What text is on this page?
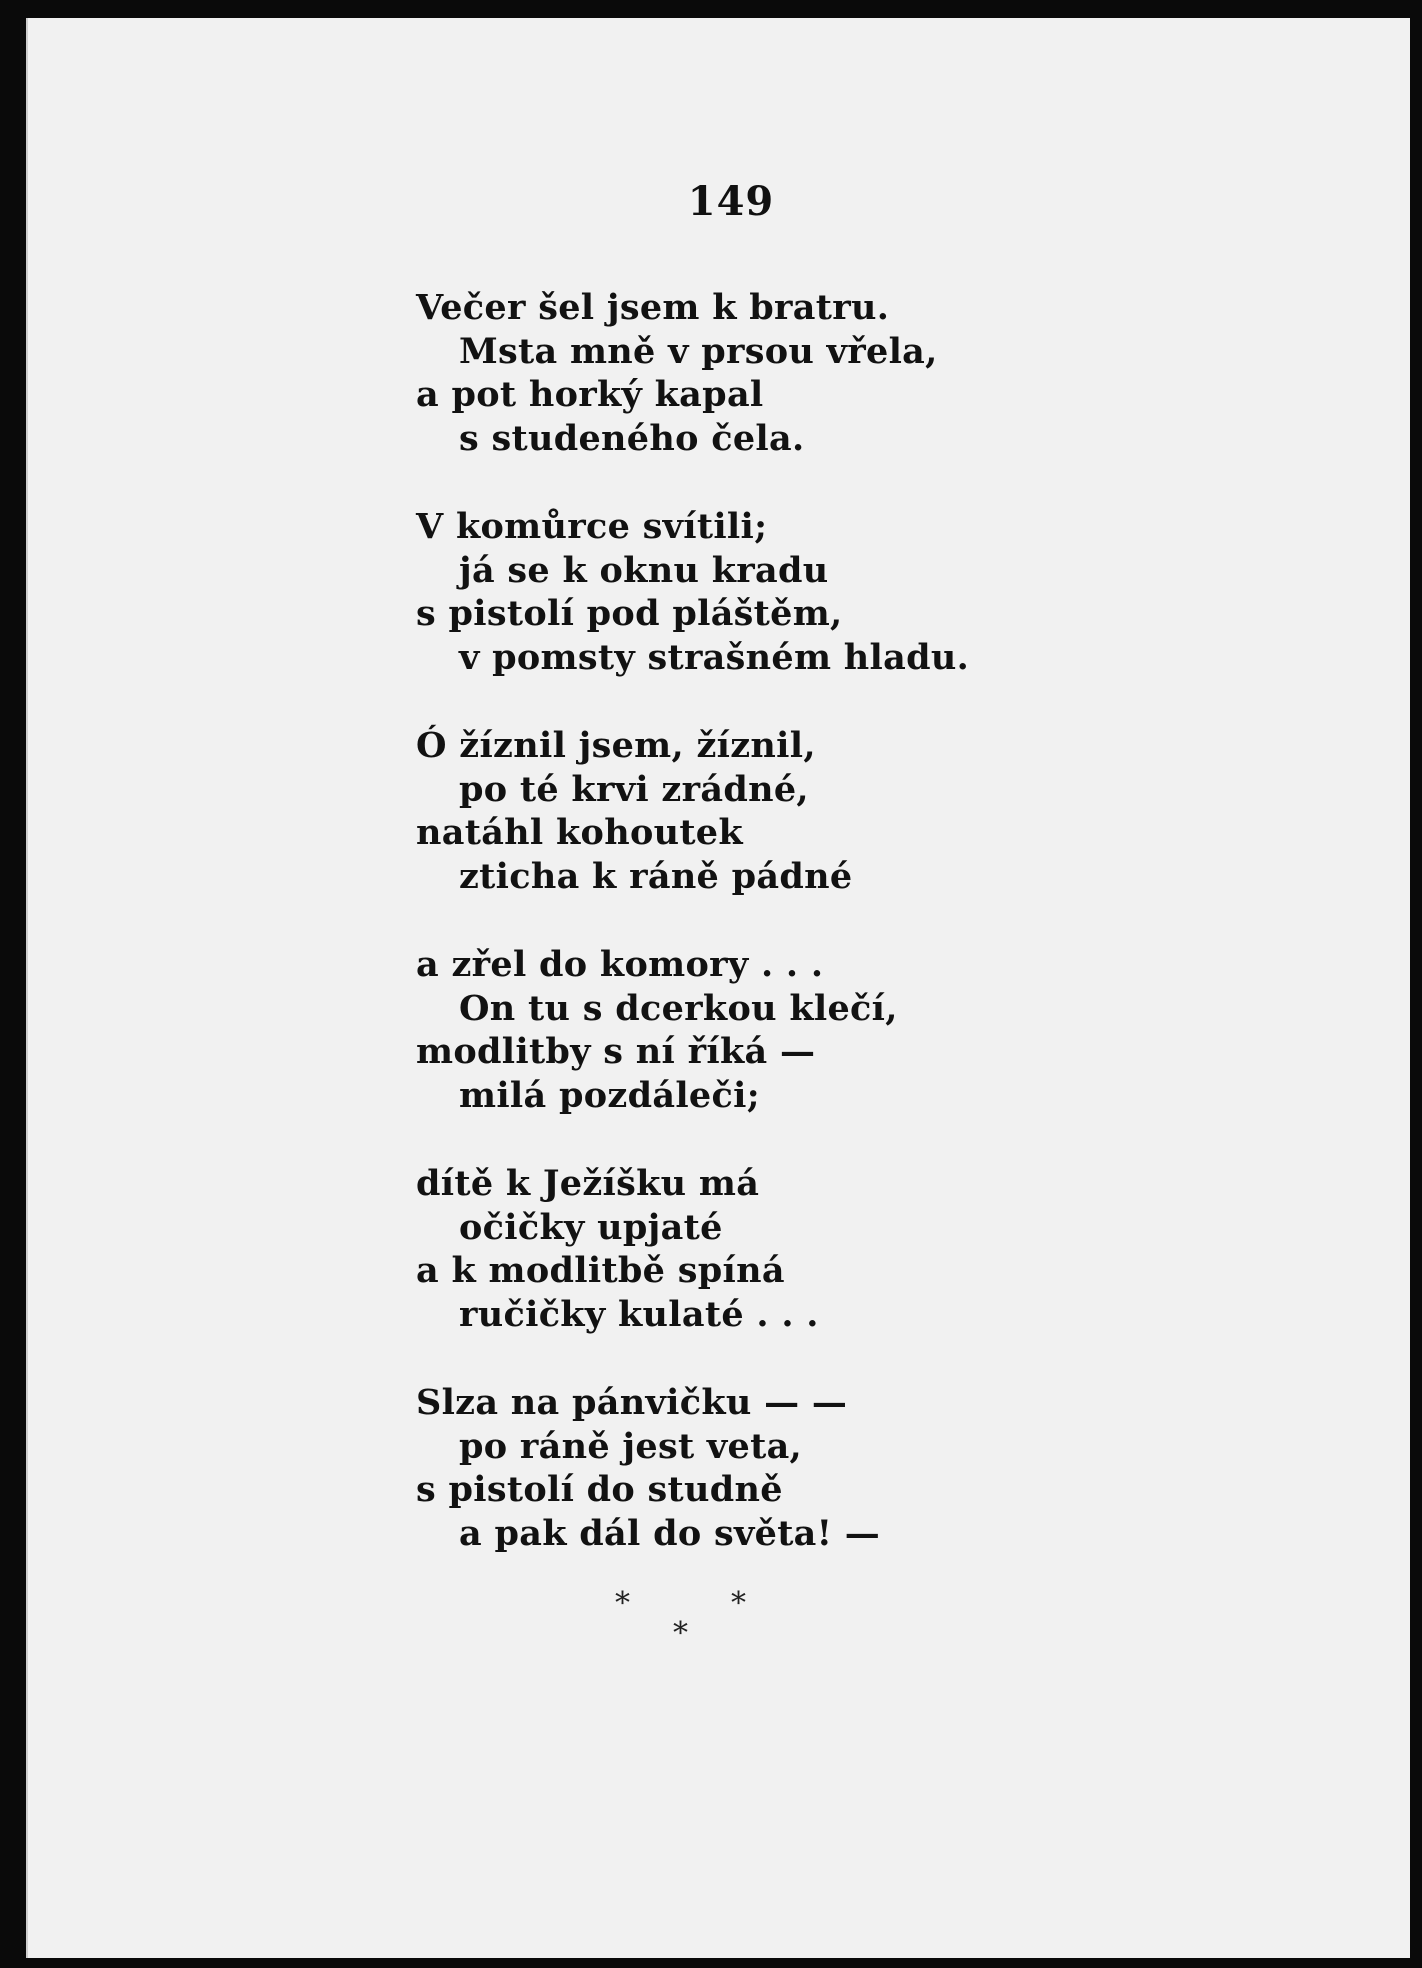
149
Večer šel jsem k bratru.
Msta mně v prsou vřela,
a pot horký kapal
s studeného čela.
V komůrce svítili;
já se k oknu kradu
s pistolí pod pláštěm,
v pomsty strašném hladu.
Ó žíznil jsem, žíznil,
po té krvi zrádné,
natáhl kohoutek
zticha k ráně pádné
a zřel do komory . . .
On tu s dcerkou klečí,
modlitby s ní říká —
milá pozdáleči;
dítě k Ježíšku má
očičky upjaté
a k modlitbě spíná
ručičky kulaté . . .
Slza na pánvičku — —
po ráně jest veta,
s pistolí do studně
a pak dál do světa! —
*	*
*
